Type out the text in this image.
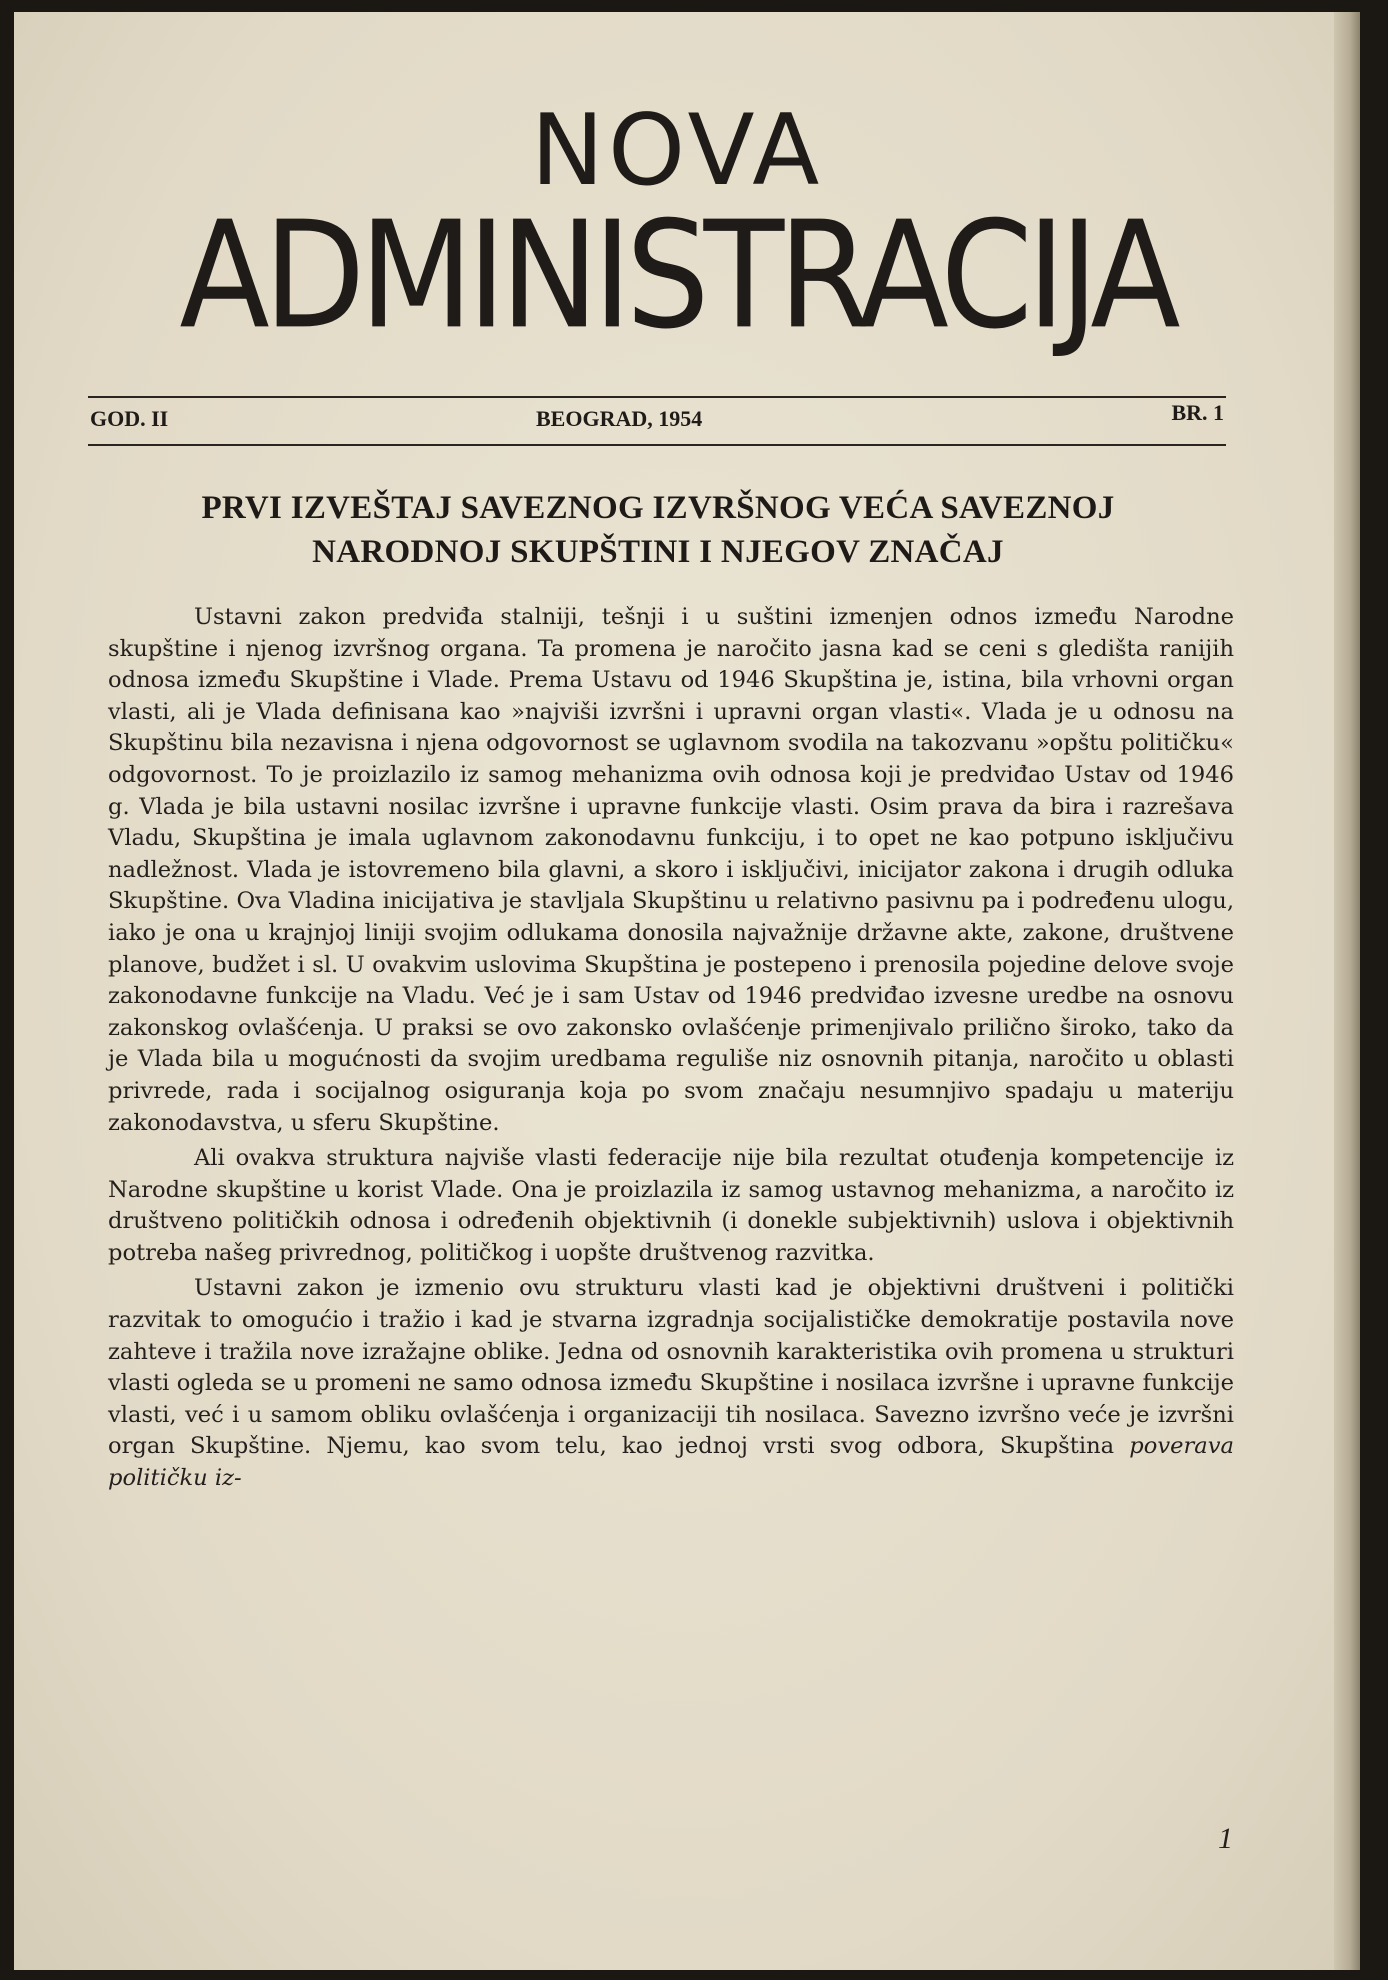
NOVA
ADMINISTRACIJA
GOD. II	BEOGRAD, 1954	BR. 1
PRVI IZVEŠTAJ SAVEZNOG IZVRŠNOG VEĆA SAVEZNOJ
NARODNOJ SKUPŠTINI I NJEGOV ZNAČAJ

Ustavni zakon predviđa stalniji, tešnji i u suštini izmenjen odnos između Narodne skupštine i njenog izvršnog organa. Ta promena je naročito jasna kad se ceni s gledišta ranijih odnosa između Skupštine i Vlade. Prema Ustavu od 1946 Skupština je, istina, bila vrhovni organ vlasti, ali je Vlada definisana kao »najviši izvršni i upravni organ vlasti«. Vlada je u odnosu na Skupštinu bila nezavisna i njena odgovornost se uglavnom svodila na takozvanu »opštu političku« odgovornost. To je proizlazilo iz samog mehanizma ovih odnosa koji je predviđao Ustav od 1946 g. Vlada je bila ustavni nosilac izvršne i upravne funkcije vlasti. Osim prava da bira i razrešava Vladu, Skupština je imala uglavnom zakonodavnu funkciju, i to opet ne kao potpuno isključivu nadležnost. Vlada je istovremeno bila glavni, a skoro i isključivi, inicijator zakona i drugih odluka Skupštine. Ova Vladina inicijativa je stavljala Skupštinu u relativno pasivnu pa i podređenu ulogu, iako je ona u krajnjoj liniji svojim odlukama donosila najvažnije državne akte, zakone, društvene planove, budžet i sl. U ovakvim uslovima Skupština je postepeno i prenosila pojedine delove svoje zakonodavne funkcije na Vladu. Već je i sam Ustav od 1946 predviđao izvesne uredbe na osnovu zakonskog ovlašćenja. U praksi se ovo zakonsko ovlašćenje primenjivalo prilično široko, tako da je Vlada bila u mogućnosti da svojim uredbama reguliše niz osnovnih pitanja, naročito u oblasti privrede, rada i socijalnog osiguranja koja po svom značaju nesumnjivo spadaju u materiju zakonodavstva, u sferu Skupštine.

Ali ovakva struktura najviše vlasti federacije nije bila rezultat otuđenja kompetencije iz Narodne skupštine u korist Vlade. Ona je proizlazila iz samog ustavnog mehanizma, a naročito iz društveno političkih odnosa i određenih objektivnih (i donekle subjektivnih) uslova i objektivnih potreba našeg privrednog, političkog i uopšte društvenog razvitka.

Ustavni zakon je izmenio ovu strukturu vlasti kad je objektivni društveni i politički razvitak to omogućio i tražio i kad je stvarna izgradnja socijalističke demokratije postavila nove zahteve i tražila nove izražajne oblike. Jedna od osnovnih karakteristika ovih promena u strukturi vlasti ogleda se u promeni ne samo odnosa između Skupštine i nosilaca izvršne i upravne funkcije vlasti, već i u samom obliku ovlašćenja i organizaciji tih nosilaca. Savezno izvršno veće je izvršni organ Skupštine. Njemu, kao svom telu, kao jednoj vrsti svog odbora, Skupština poverava političku iz-

1
